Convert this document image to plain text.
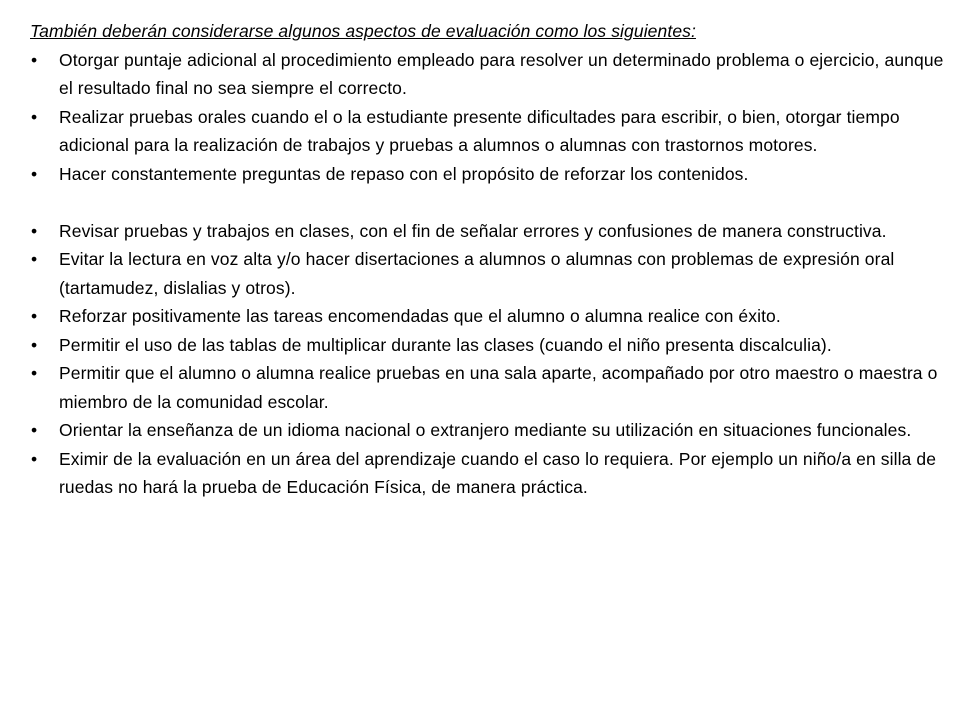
También deberán considerarse algunos aspectos de evaluación como los siguientes:

•	Otorgar puntaje adicional al procedimiento empleado para resolver un determinado problema o ejercicio, aunque el resultado final no sea siempre el correcto.
•	Realizar pruebas orales cuando el o la estudiante presente dificultades para escribir, o bien, otorgar tiempo adicional para la realización de trabajos y pruebas a alumnos o alumnas con trastornos motores.
•	Hacer constantemente preguntas de repaso con el propósito de reforzar los contenidos.
•	Revisar pruebas y trabajos en clases, con el fin de señalar errores y confusiones de manera constructiva.
•	Evitar la lectura en voz alta y/o hacer disertaciones a alumnos o alumnas con problemas de expresión oral (tartamudez, dislalias y otros).
•	Reforzar positivamente las tareas encomendadas que el alumno o alumna realice con éxito.
•	Permitir el uso de las tablas de multiplicar durante las clases (cuando el niño presenta discalculia).
•	Permitir que el alumno o alumna realice pruebas en una sala aparte, acompañado por otro maestro o maestra o miembro de la comunidad escolar.
•	Orientar la enseñanza de un idioma nacional o extranjero mediante su utilización en situaciones funcionales.
•	Eximir de la evaluación en un área del aprendizaje cuando el caso lo requiera. Por ejemplo un niño/a en silla de ruedas no hará la prueba de Educación Física, de manera práctica.
